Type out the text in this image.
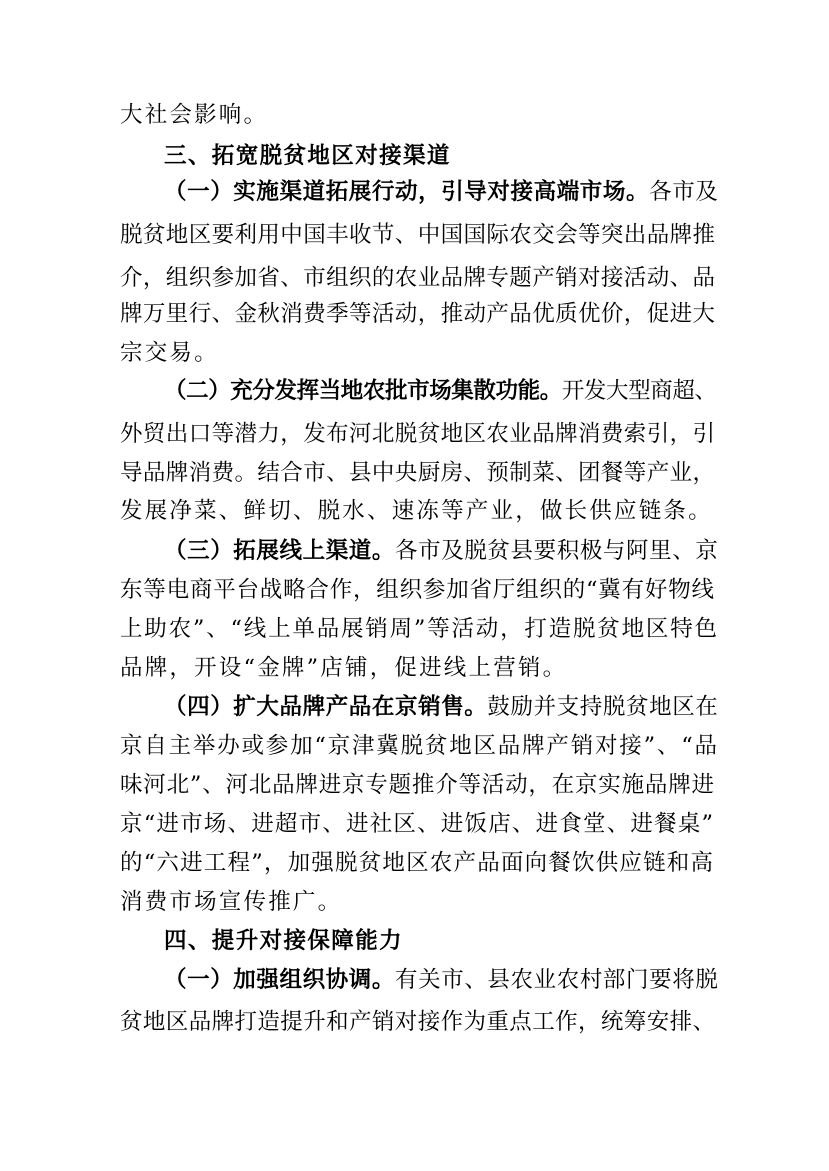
大社会影响。
三、拓宽脱贫地区对接渠道
（一）实施渠道拓展行动，引导对接高端市场。各市及
脱贫地区要利用中国丰收节、中国国际农交会等突出品牌推
介，组织参加省、市组织的农业品牌专题产销对接活动、品
牌万里行、金秋消费季等活动，推动产品优质优价，促进大
宗交易。
（二）充分发挥当地农批市场集散功能。开发大型商超、
外贸出口等潜力，发布河北脱贫地区农业品牌消费索引，引
导品牌消费。结合市、县中央厨房、预制菜、团餐等产业，
发展净菜、鲜切、脱水、速冻等产业，做长供应链条。
（三）拓展线上渠道。各市及脱贫县要积极与阿里、京
东等电商平台战略合作，组织参加省厅组织的“冀有好物线
上助农”、“线上单品展销周”等活动，打造脱贫地区特色
品牌，开设“金牌”店铺，促进线上营销。
（四）扩大品牌产品在京销售。鼓励并支持脱贫地区在
京自主举办或参加“京津冀脱贫地区品牌产销对接”、“品
味河北”、河北品牌进京专题推介等活动，在京实施品牌进
京“进市场、进超市、进社区、进饭店、进食堂、进餐桌”
的“六进工程”，加强脱贫地区农产品面向餐饮供应链和高
消费市场宣传推广。
四、提升对接保障能力
（一）加强组织协调。有关市、县农业农村部门要将脱
贫地区品牌打造提升和产销对接作为重点工作，统筹安排、
